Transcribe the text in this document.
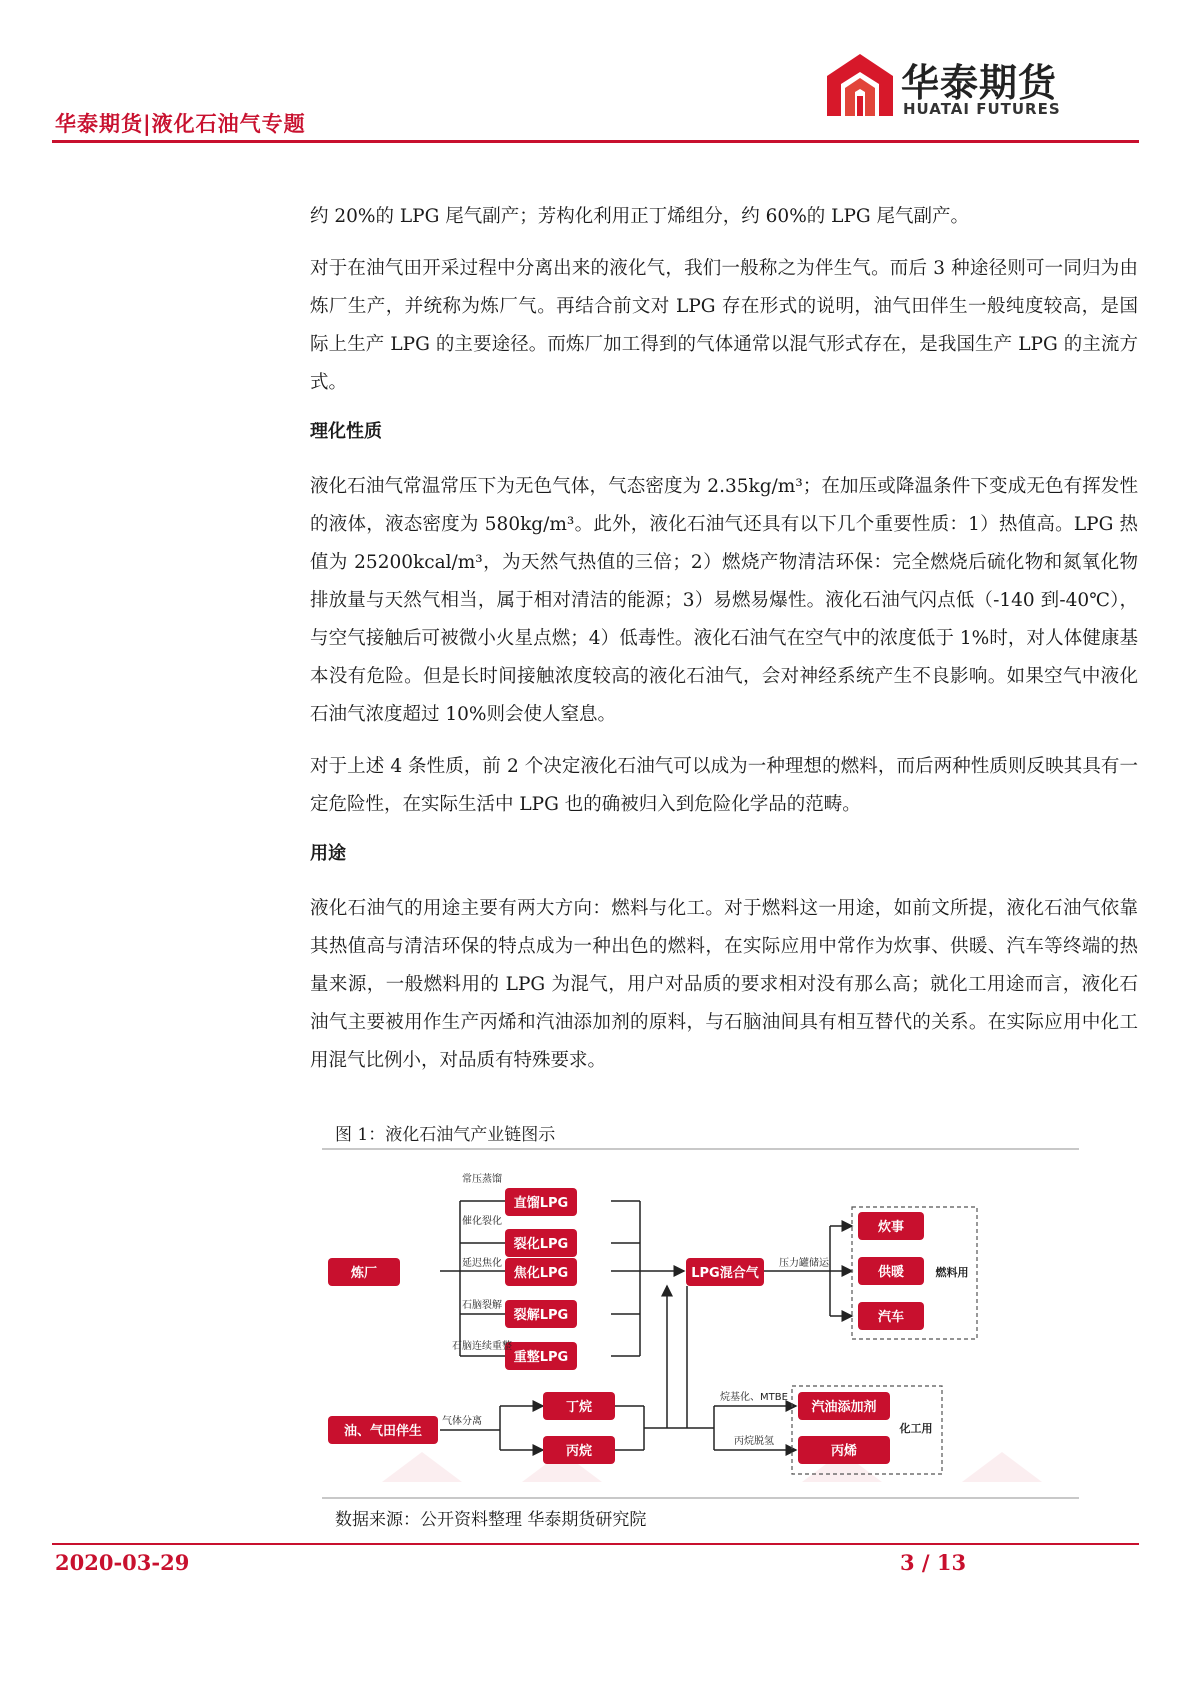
华泰期货
HUATAI FUTURES
华泰期货|液化石油气专题

约 20%的 LPG 尾气副产；芳构化利用正丁烯组分，约 60%的 LPG 尾气副产。

对于在油气田开采过程中分离出来的液化气，我们一般称之为伴生气。而后 3 种途径则可一同归为由炼厂生产，并统称为炼厂气。再结合前文对 LPG 存在形式的说明，油气田伴生一般纯度较高，是国际上生产 LPG 的主要途径。而炼厂加工得到的气体通常以混气形式存在，是我国生产 LPG 的主流方式。

理化性质

液化石油气常温常压下为无色气体，气态密度为 2.35kg/m³；在加压或降温条件下变成无色有挥发性的液体，液态密度为 580kg/m³。此外，液化石油气还具有以下几个重要性质：1）热值高。LPG 热值为 25200kcal/m³，为天然气热值的三倍；2）燃烧产物清洁环保：完全燃烧后硫化物和氮氧化物排放量与天然气相当，属于相对清洁的能源；3）易燃易爆性。液化石油气闪点低（-140 到-40℃），与空气接触后可被微小火星点燃；4）低毒性。液化石油气在空气中的浓度低于 1%时，对人体健康基本没有危险。但是长时间接触浓度较高的液化石油气，会对神经系统产生不良影响。如果空气中液化石油气浓度超过 10%则会使人窒息。

对于上述 4 条性质，前 2 个决定液化石油气可以成为一种理想的燃料，而后两种性质则反映其具有一定危险性，在实际生活中 LPG 也的确被归入到危险化学品的范畴。

用途

液化石油气的用途主要有两大方向：燃料与化工。对于燃料这一用途，如前文所提，液化石油气依靠其热值高与清洁环保的特点成为一种出色的燃料，在实际应用中常作为炊事、供暖、汽车等终端的热量来源，一般燃料用的 LPG 为混气，用户对品质的要求相对没有那么高；就化工用途而言，液化石油气主要被用作生产丙烯和汽油添加剂的原料，与石脑油间具有相互替代的关系。在实际应用中化工用混气比例小，对品质有特殊要求。

图 1：液化石油气产业链图示
炼厂
油、气田伴生
直馏LPG
裂化LPG
焦化LPG
裂解LPG
重整LPG
丁烷
丙烷
LPG混合气
炊事
供暖
汽车
汽油添加剂
丙烯
常压蒸馏
催化裂化
延迟焦化
石脑裂解
石脑连续重整
气体分离
压力罐储运
烷基化、MTBE
丙烷脱氢
燃料用
化工用
数据来源：公开资料整理 华泰期货研究院
2020-03-29	3 / 13
